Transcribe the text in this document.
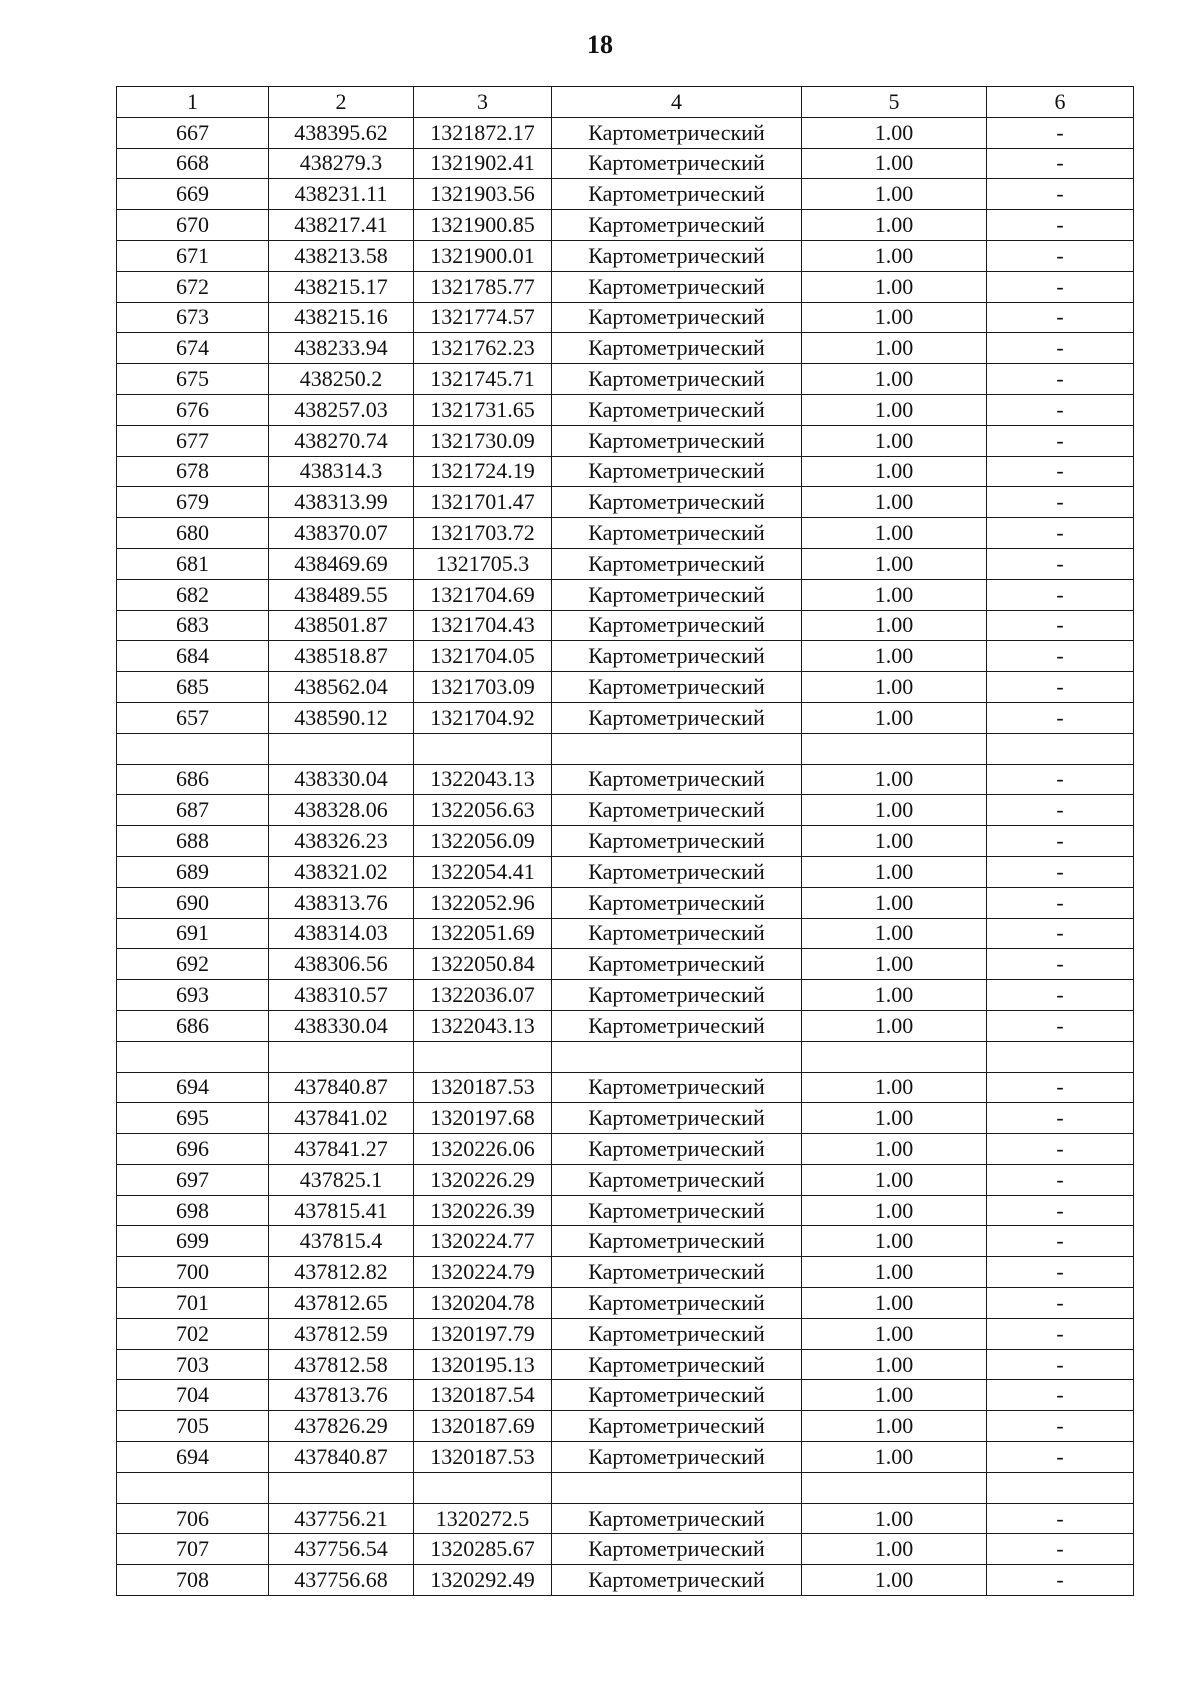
18
1	2	3	4	5	6
667	438395.62	1321872.17	Картометрический	1.00	-
668	438279.3	1321902.41	Картометрический	1.00	-
669	438231.11	1321903.56	Картометрический	1.00	-
670	438217.41	1321900.85	Картометрический	1.00	-
671	438213.58	1321900.01	Картометрический	1.00	-
672	438215.17	1321785.77	Картометрический	1.00	-
673	438215.16	1321774.57	Картометрический	1.00	-
674	438233.94	1321762.23	Картометрический	1.00	-
675	438250.2	1321745.71	Картометрический	1.00	-
676	438257.03	1321731.65	Картометрический	1.00	-
677	438270.74	1321730.09	Картометрический	1.00	-
678	438314.3	1321724.19	Картометрический	1.00	-
679	438313.99	1321701.47	Картометрический	1.00	-
680	438370.07	1321703.72	Картометрический	1.00	-
681	438469.69	1321705.3	Картометрический	1.00	-
682	438489.55	1321704.69	Картометрический	1.00	-
683	438501.87	1321704.43	Картометрический	1.00	-
684	438518.87	1321704.05	Картометрический	1.00	-
685	438562.04	1321703.09	Картометрический	1.00	-
657	438590.12	1321704.92	Картометрический	1.00	-

686	438330.04	1322043.13	Картометрический	1.00	-
687	438328.06	1322056.63	Картометрический	1.00	-
688	438326.23	1322056.09	Картометрический	1.00	-
689	438321.02	1322054.41	Картометрический	1.00	-
690	438313.76	1322052.96	Картометрический	1.00	-
691	438314.03	1322051.69	Картометрический	1.00	-
692	438306.56	1322050.84	Картометрический	1.00	-
693	438310.57	1322036.07	Картометрический	1.00	-
686	438330.04	1322043.13	Картометрический	1.00	-

694	437840.87	1320187.53	Картометрический	1.00	-
695	437841.02	1320197.68	Картометрический	1.00	-
696	437841.27	1320226.06	Картометрический	1.00	-
697	437825.1	1320226.29	Картометрический	1.00	-
698	437815.41	1320226.39	Картометрический	1.00	-
699	437815.4	1320224.77	Картометрический	1.00	-
700	437812.82	1320224.79	Картометрический	1.00	-
701	437812.65	1320204.78	Картометрический	1.00	-
702	437812.59	1320197.79	Картометрический	1.00	-
703	437812.58	1320195.13	Картометрический	1.00	-
704	437813.76	1320187.54	Картометрический	1.00	-
705	437826.29	1320187.69	Картометрический	1.00	-
694	437840.87	1320187.53	Картометрический	1.00	-

706	437756.21	1320272.5	Картометрический	1.00	-
707	437756.54	1320285.67	Картометрический	1.00	-
708	437756.68	1320292.49	Картометрический	1.00	-
